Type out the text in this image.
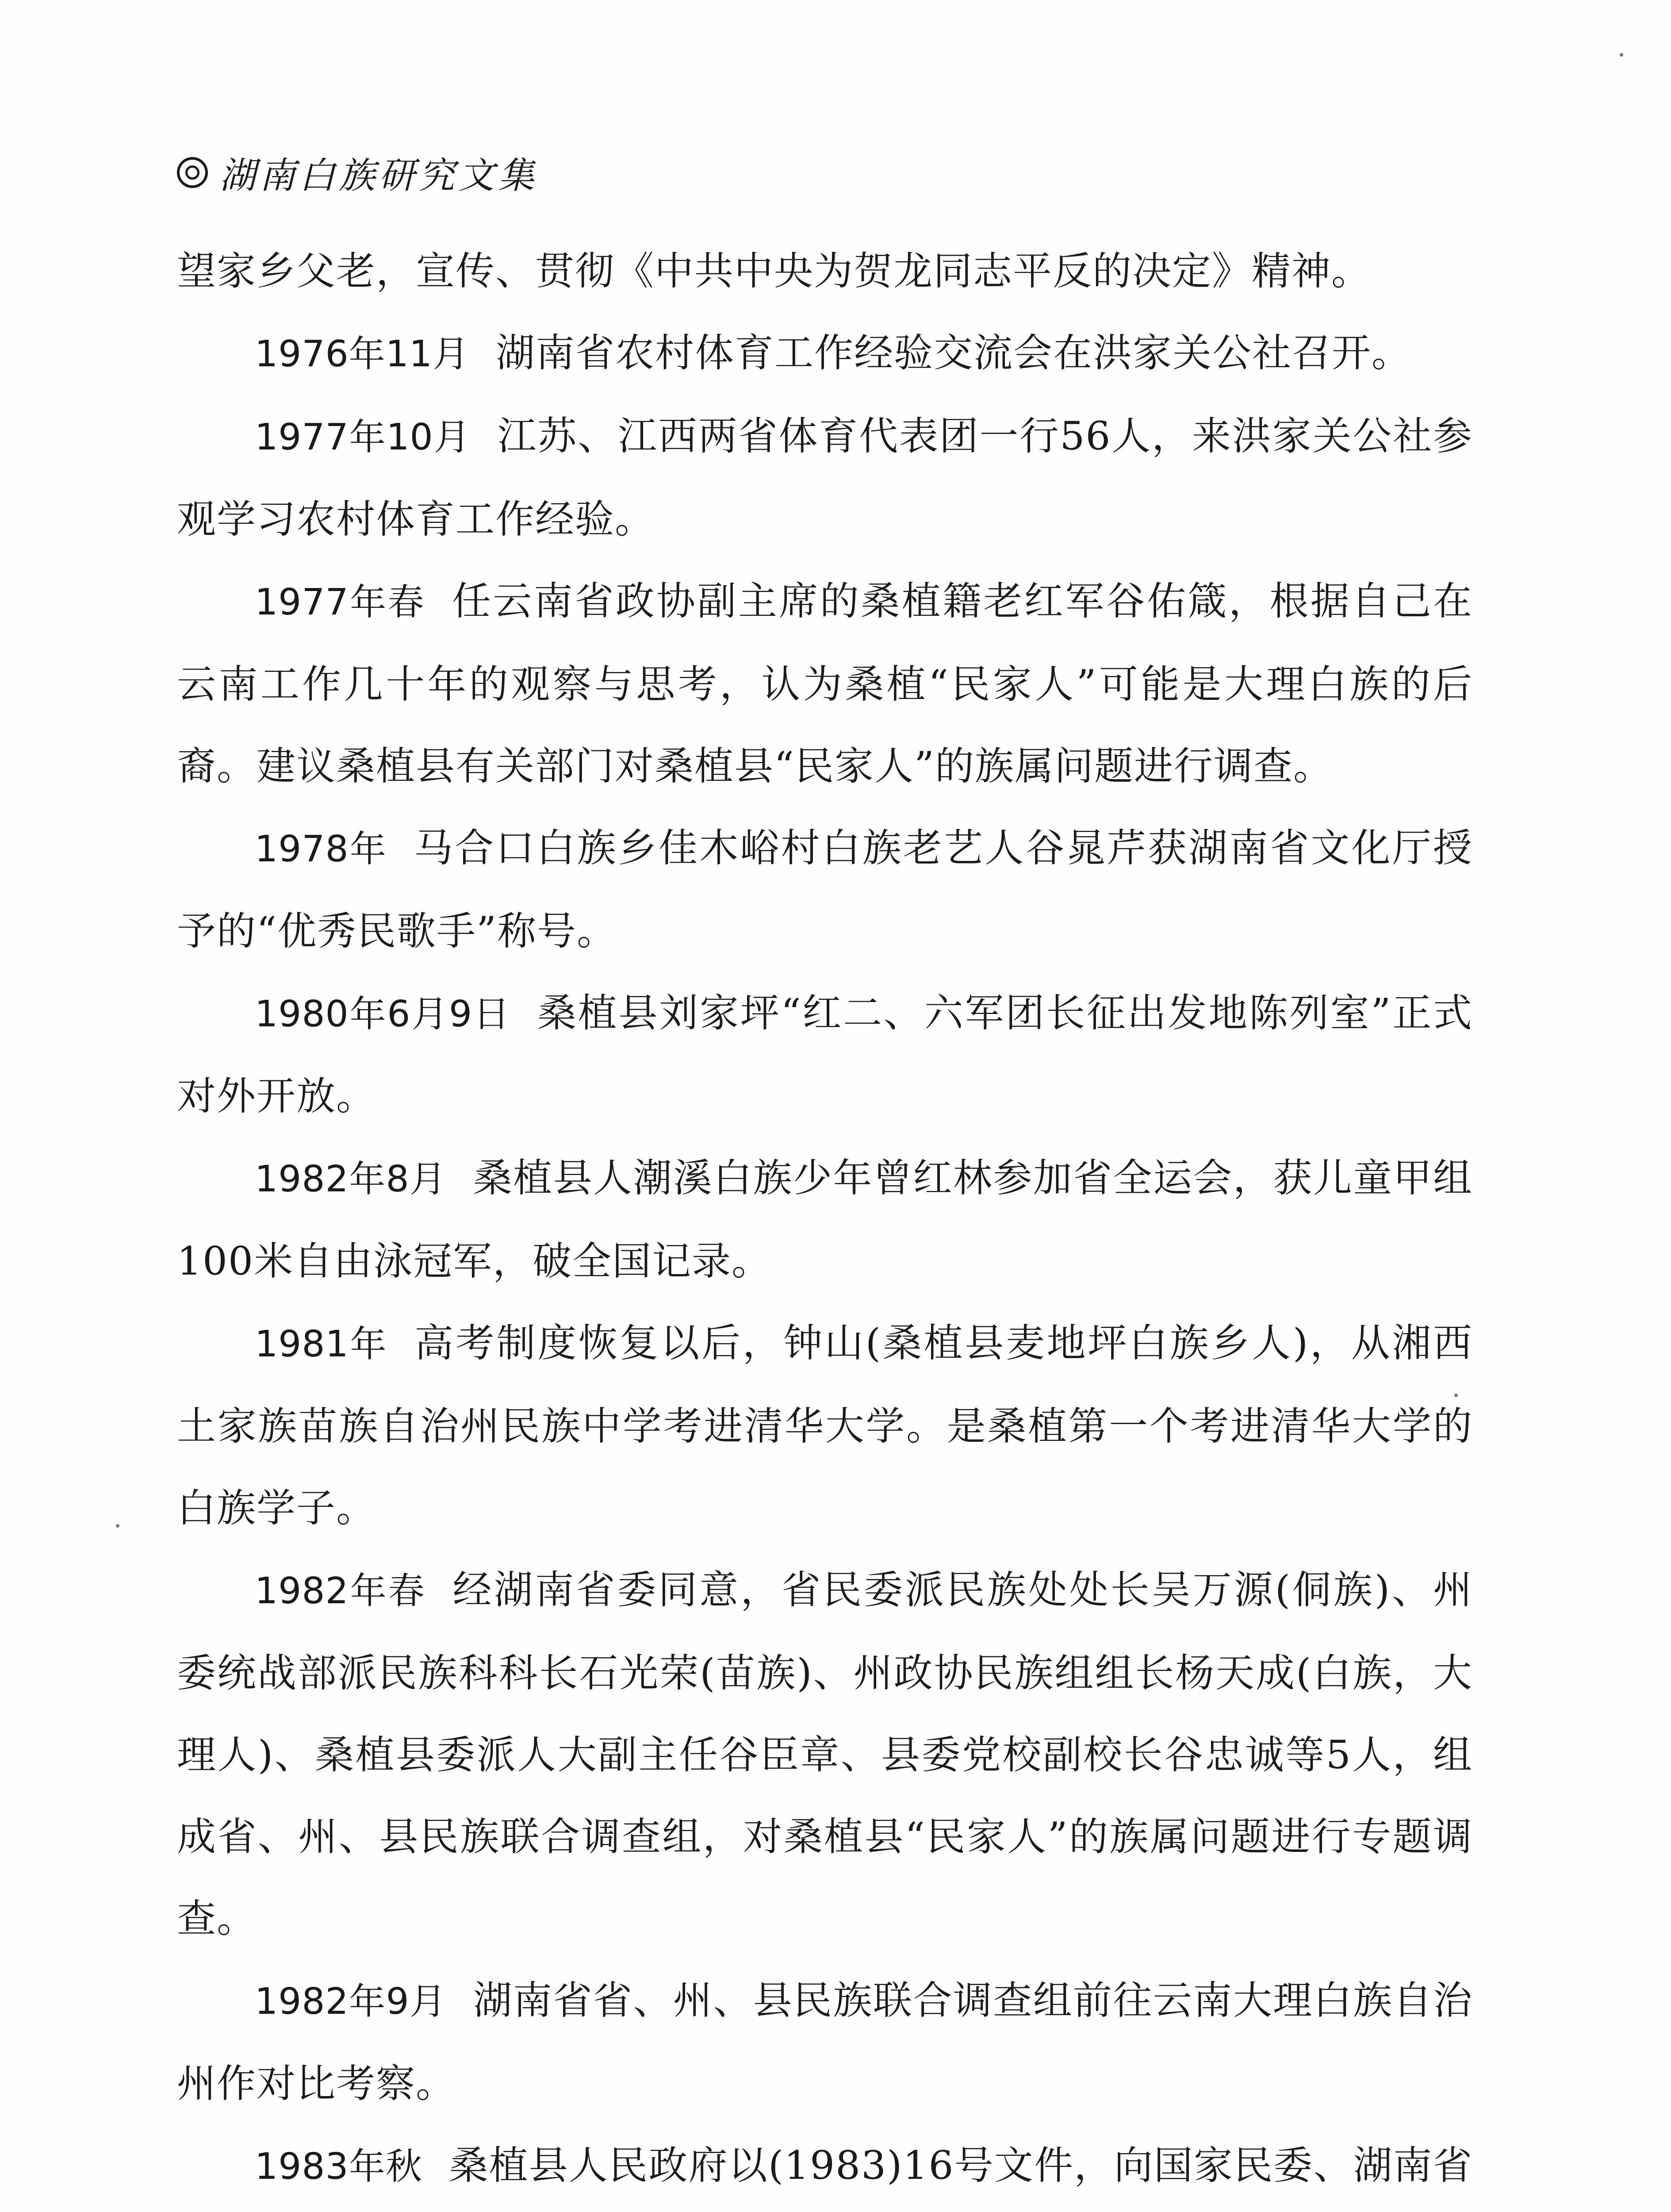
湖南白族研究文集

望家乡父老，宣传、贯彻《中共中央为贺龙同志平反的决定》精神。

1976年11月 湖南省农村体育工作经验交流会在洪家关公社召开。

1977年10月 江苏、江西两省体育代表团一行56人，来洪家关公社参观学习农村体育工作经验。

1977年春 任云南省政协副主席的桑植籍老红军谷佑箴，根据自己在云南工作几十年的观察与思考，认为桑植“民家人”可能是大理白族的后裔。建议桑植县有关部门对桑植县“民家人”的族属问题进行调查。

1978年 马合口白族乡佳木峪村白族老艺人谷晁芹获湖南省文化厅授予的“优秀民歌手”称号。

1980年6月9日 桑植县刘家坪“红二、六军团长征出发地陈列室”正式对外开放。

1982年8月 桑植县人潮溪白族少年曾红林参加省全运会，获儿童甲组100米自由泳冠军，破全国记录。

1981年 高考制度恢复以后，钟山(桑植县麦地坪白族乡人)，从湘西土家族苗族自治州民族中学考进清华大学。是桑植第一个考进清华大学的白族学子。

1982年春 经湖南省委同意，省民委派民族处处长吴万源(侗族)、州委统战部派民族科科长石光荣(苗族)、州政协民族组组长杨天成(白族，大理人)、桑植县委派人大副主任谷臣章、县委党校副校长谷忠诚等5人，组成省、州、县民族联合调查组，对桑植县“民家人”的族属问题进行专题调查。

1982年9月 湖南省省、州、县民族联合调查组前往云南大理白族自治州作对比考察。

1983年秋 桑植县人民政府以(1983)16号文件，向国家民委、湖南省
